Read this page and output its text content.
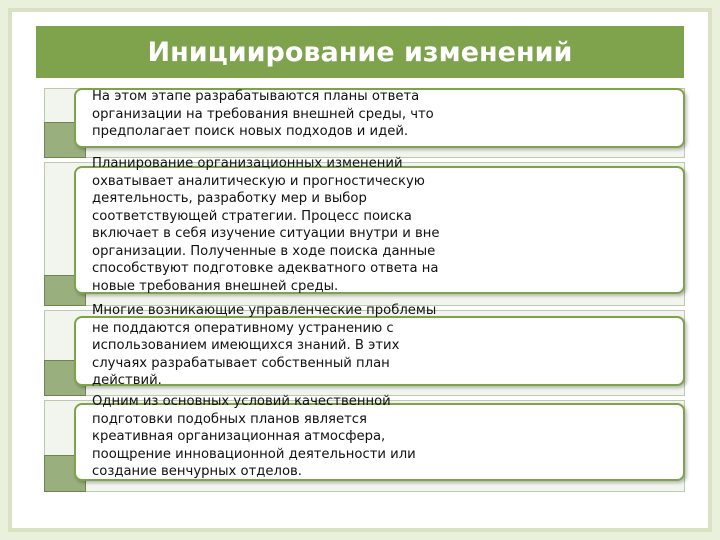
Инициирование изменений

На этом этапе разрабатываются планы ответа
организации на требования внешней среды, что
предполагает поиск новых подходов и идей.

Планирование организационных изменений
охватывает аналитическую и прогностическую
деятельность, разработку мер и выбор
соответствующей стратегии. Процесс поиска
включает в себя изучение ситуации внутри и вне
организации. Полученные в ходе поиска данные
способствуют подготовке адекватного ответа на
новые требования внешней среды.

Многие возникающие управленческие проблемы
не поддаются оперативному устранению с
использованием имеющихся знаний. В этих
случаях разрабатывает собственный план
действий.

Одним из основных условий качественной
подготовки подобных планов является
креативная организационная атмосфера,
поощрение инновационной деятельности или
создание венчурных отделов.
